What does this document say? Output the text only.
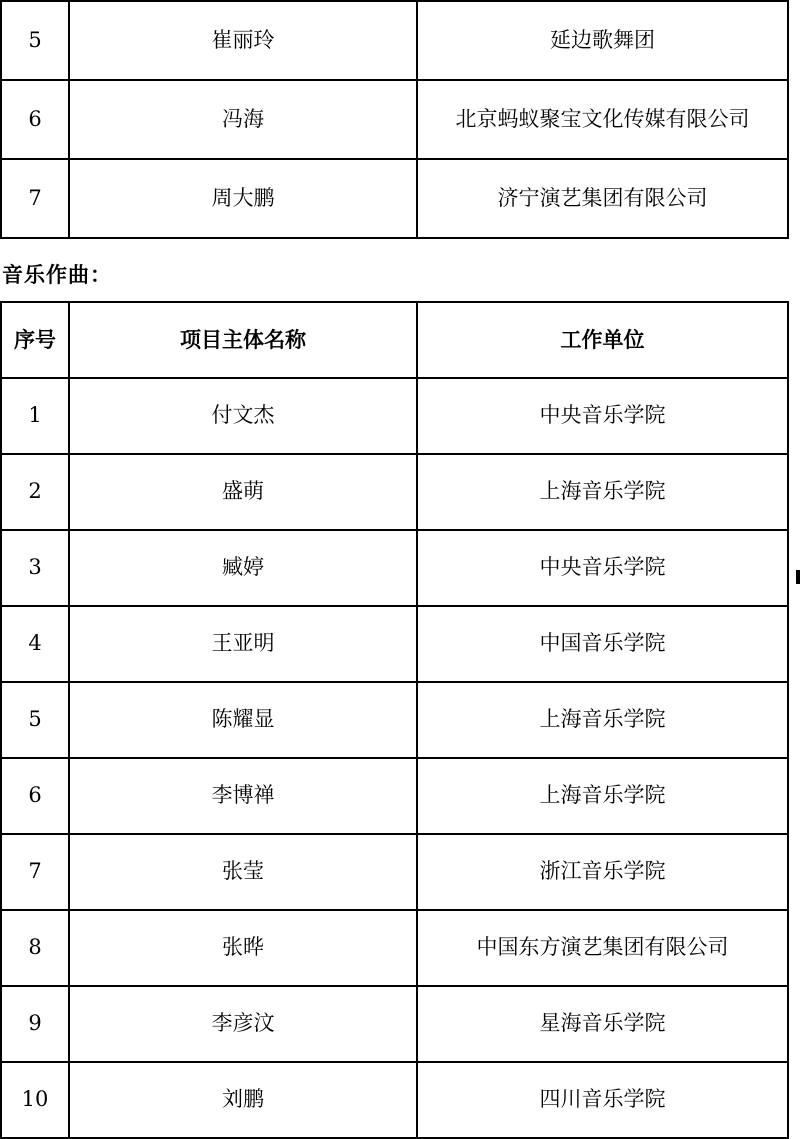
5	崔丽玲	延边歌舞团
6	冯海	北京蚂蚁聚宝文化传媒有限公司
7	周大鹏	济宁演艺集团有限公司
音乐作曲：
序号	项目主体名称	工作单位
1	付文杰	中央音乐学院
2	盛萌	上海音乐学院
3	臧婷	中央音乐学院
4	王亚明	中国音乐学院
5	陈耀显	上海音乐学院
6	李博禅	上海音乐学院
7	张莹	浙江音乐学院
8	张晔	中国东方演艺集团有限公司
9	李彦汶	星海音乐学院
10	刘鹏	四川音乐学院
